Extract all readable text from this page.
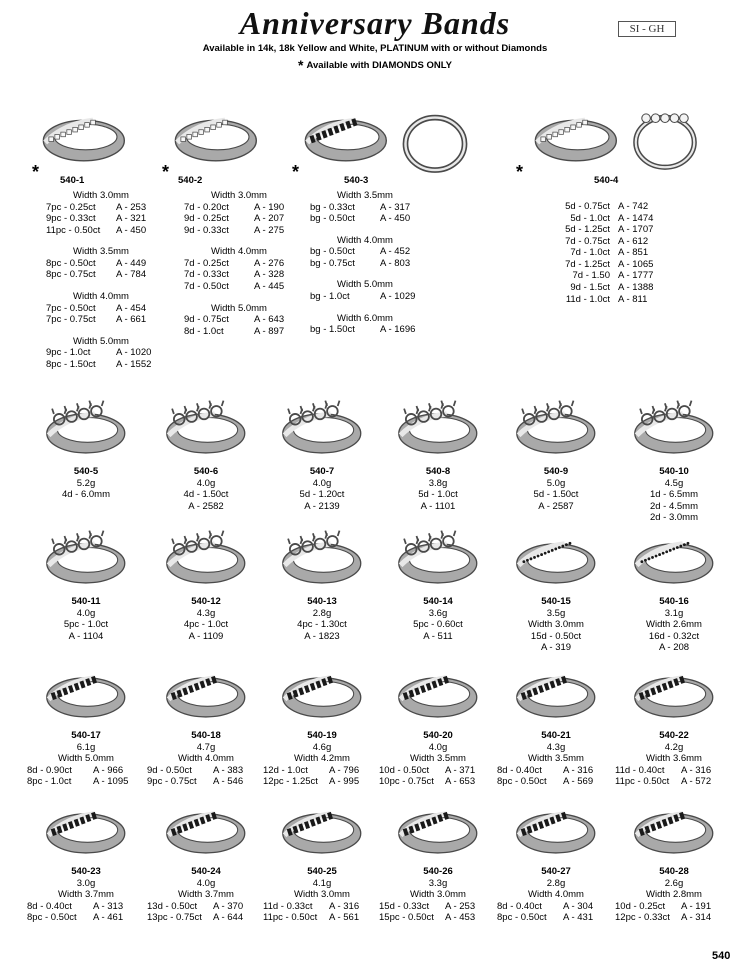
Anniversary Bands	SI - GH
Available in 14k, 18k Yellow and White, PLATINUM with or without Diamonds
* Available with DIAMONDS ONLY
* 540-1
Width 3.0mm
7pc - 0.25ct	A - 253
9pc - 0.33ct	A - 321
11pc - 0.50ct	A - 450
Width 3.5mm
8pc - 0.50ct	A - 449
8pc - 0.75ct	A - 784
Width 4.0mm
7pc - 0.50ct	A - 454
7pc - 0.75ct	A - 661
Width 5.0mm
9pc - 1.0ct	A - 1020
8pc - 1.50ct	A - 1552
* 540-2
Width 3.0mm
7d - 0.20ct	A - 190
9d - 0.25ct	A - 207
9d - 0.33ct	A - 275
Width 4.0mm
7d - 0.25ct	A - 276
7d - 0.33ct	A - 328
7d - 0.50ct	A - 445
Width 5.0mm
9d - 0.75ct	A - 643
8d - 1.0ct	A - 897
*	540-3
Width 3.5mm
bg - 0.33ct	A - 317
bg - 0.50ct	A - 450
Width 4.0mm
bg - 0.50ct	A - 452
bg - 0.75ct	A - 803
Width 5.0mm
bg - 1.0ct	A - 1029
Width 6.0mm
bg - 1.50ct	A - 1696
*	540-4
5d - 0.75ct A - 742
5d - 1.0ct A - 1474
5d - 1.25ct A - 1707
7d - 0.75ct A - 612
7d - 1.0ct A - 851
7d - 1.25ct A - 1065
7d - 1.50 A - 1777
9d - 1.5ct A - 1388
11d - 1.0ct A - 811
540-5
5.2g
4d - 6.0mm
540-6
4.0g
4d - 1.50ct
A - 2582
540-7
4.0g
5d - 1.20ct
A - 2139
540-8
3.8g
5d - 1.0ct
A - 1101
540-9
5.0g
5d - 1.50ct
A - 2587
540-10
4.5g
1d - 6.5mm
2d - 4.5mm
2d - 3.0mm
540-11
4.0g
5pc - 1.0ct
A - 1104
540-12
4.3g
4pc - 1.0ct
A - 1109
540-13
2.8g
4pc - 1.30ct
A - 1823
540-14
3.6g
5pc - 0.60ct
A - 511
540-15
3.5g
Width 3.0mm
15d - 0.50ct
A - 319
540-16
3.1g
Width 2.6mm
16d - 0.32ct
A - 208
540-17
6.1g
Width 5.0mm
8d - 0.90ct	A - 966
8pc - 1.0ct	A - 1095
540-18
4.7g
Width 4.0mm
9d - 0.50ct	A - 383
9pc - 0.75ct	A - 546
540-19
4.6g
Width 4.2mm
12d - 1.0ct	A - 796
12pc - 1.25ct	A - 995
540-20
4.0g
Width 3.5mm
10d - 0.50ct	A - 371
10pc - 0.75ct	A - 653
540-21
4.3g
Width 3.5mm
8d - 0.40ct	A - 316
8pc - 0.50ct	A - 569
540-22
4.2g
Width 3.6mm
11d - 0.40ct	A - 316
11pc - 0.50ct	A - 572
540-23
3.0g
Width 3.7mm
8d - 0.40ct	A - 313
8pc - 0.50ct	A - 461
540-24
4.0g
Width 3.7mm
13d - 0.50ct	A - 370
13pc - 0.75ct	A - 644
540-25
4.1g
Width 3.0mm
11d - 0.33ct	A - 316
11pc - 0.50ct	A - 561
540-26
3.3g
Width 3.0mm
15d - 0.33ct	A - 253
15pc - 0.50ct	A - 453
540-27
2.8g
Width 4.0mm
8d - 0.40ct	A - 304
8pc - 0.50ct	A - 431
540-28
2.6g
Width 2.8mm
10d - 0.25ct	A - 191
12pc - 0.33ct	A - 314
540
